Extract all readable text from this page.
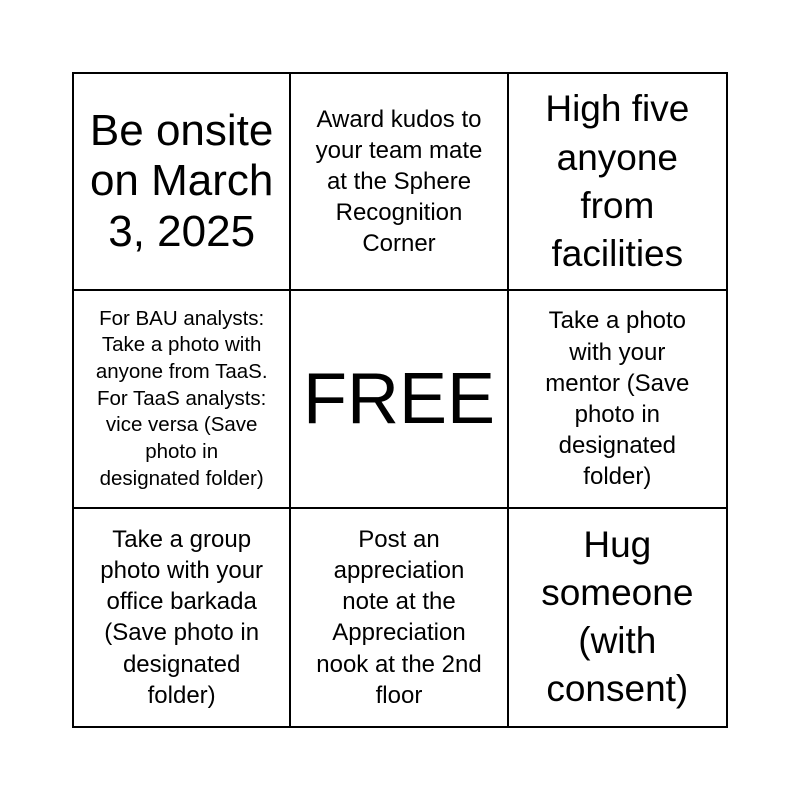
Be onsite
on March
3, 2025
Award kudos to
your team mate
at the Sphere
Recognition
Corner
High five
anyone
from
facilities
For BAU analysts:
Take a photo with
anyone from TaaS.
For TaaS analysts:
vice versa (Save
photo in
designated folder)
FREE
Take a photo
with your
mentor (Save
photo in
designated
folder)
Take a group
photo with your
office barkada
(Save photo in
designated
folder)
Post an
appreciation
note at the
Appreciation
nook at the 2nd
floor
Hug
someone
(with
consent)
